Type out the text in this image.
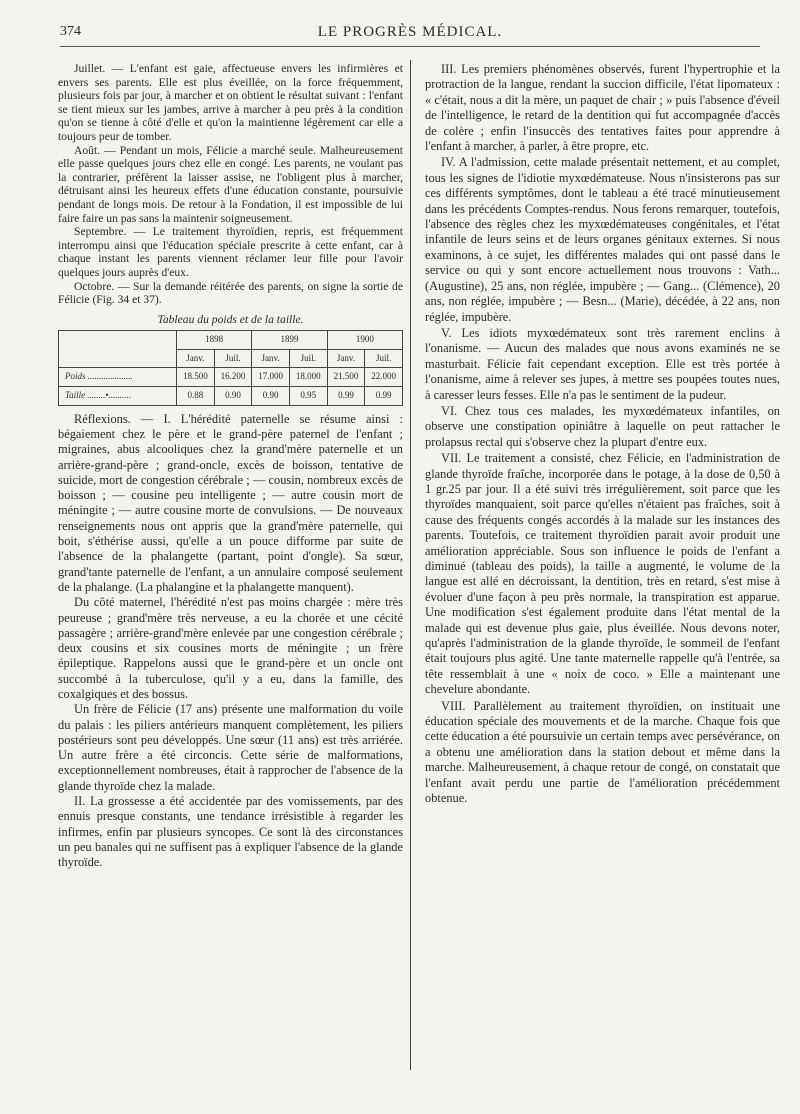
374	LE PROGRÈS MÉDICAL.

Juillet. — L'enfant est gaie, affectueuse envers les infirmières et envers ses parents. Elle est plus éveillée, on la force fréquemment, plusieurs fois par jour, à marcher et on obtient le résultat suivant : l'enfant se tient mieux sur les jambes, arrive à marcher à peu près à la condition qu'on se tienne à côté d'elle et qu'on la maintienne légèrement car elle a toujours peur de tomber.

Août. — Pendant un mois, Félicie a marché seule. Malheureusement elle passe quelques jours chez elle en congé. Les parents, ne voulant pas la contrarier, préfèrent la laisser assise, ne l'obligent plus à marcher, détruisant ainsi les heureux effets d'une éducation constante, poursuivie pendant de longs mois. De retour à la Fondation, il est impossible de lui faire faire un pas sans la maintenir soigneusement.

Septembre. — Le traitement thyroïdien, repris, est fréquemment interrompu ainsi que l'éducation spéciale prescrite à cette enfant, car à chaque instant les parents viennent réclamer leur fille pour l'avoir quelques jours auprès d'eux.

Octobre. — Sur la demande réitérée des parents, on signe la sortie de Félicie (Fig. 34 et 37).

Tableau du poids et de la taille.
	1898		1899		1900	
	Janv.	Juil.	Janv.	Juil.	Janv.	Juil.
Poids ....................	18.500	16.200	17.000	18.000	21.500	22.000
Taille ........•..........	0.88	0.90	0.90	0.95	0.99	0.99

Réflexions. — I. L'hérédité paternelle se résume ainsi : bégaiement chez le père et le grand-père paternel de l'enfant ; migraines, abus alcooliques chez la grand'mère paternelle et un arrière-grand-père ; grand-oncle, excès de boisson, tentative de suicide, mort de congestion cérébrale ; — cousin, nombreux excès de boisson ; — cousine peu intelligente ; — autre cousin mort de méningite ; — autre cousine morte de convulsions. — De nouveaux renseignements nous ont appris que la grand'mère paternelle, qui boit, s'éthérise aussi, qu'elle a un pouce difforme par suite de l'absence de la phalangette (partant, point d'ongle). Sa sœur, grand'tante paternelle de l'enfant, a un annulaire composé seulement de la phalange. (La phalangine et la phalangette manquent).

Du côté maternel, l'hérédité n'est pas moins chargée : mère très peureuse ; grand'mère très nerveuse, a eu la chorée et une cécité passagère ; arrière-grand'mère enlevée par une congestion cérébrale ; deux cousins et six cousines morts de méningite ; un frère épileptique. Rappelons aussi que le grand-père et un oncle ont succombé à la tuberculose, qu'il y a eu, dans la famille, des coxalgiques et des bossus.

Un frère de Félicie (17 ans) présente une malformation du voile du palais : les piliers antérieurs manquent complètement, les piliers postérieurs sont peu développés. Une sœur (11 ans) est très arriérée. Un autre frère a été circoncis. Cette série de malformations, exceptionnellement nombreuses, était à rapprocher de l'absence de la glande thyroïde chez la malade.

II. La grossesse a été accidentée par des vomissements, par des ennuis presque constants, une tendance irrésistible à regarder les infirmes, enfin par plusieurs syncopes. Ce sont là des circonstances un peu banales qui ne suffisent pas à expliquer l'absence de la glande thyroïde.

III. Les premiers phénomènes observés, furent l'hypertrophie et la protraction de la langue, rendant la succion difficile, l'état lipomateux : « c'était, nous a dit la mère, un paquet de chair ; » puis l'absence d'éveil de l'intelligence, le retard de la dentition qui fut accompagnée d'accès de colère ; enfin l'insuccès des tentatives faites pour apprendre à l'enfant à marcher, à parler, à être propre, etc.

IV. A l'admission, cette malade présentait nettement, et au complet, tous les signes de l'idiotie myxœdémateuse. Nous n'insisterons pas sur ces différents symptômes, dont le tableau a été tracé minutieusement dans les précédents Comptes-rendus. Nous ferons remarquer, toutefois, l'absence des règles chez les myxœdémateuses congénitales, et l'état infantile de leurs seins et de leurs organes génitaux externes. Si nous examinons, à ce sujet, les différentes malades qui ont passé dans le service ou qui y sont encore actuellement nous trouvons : Vath... (Augustine), 25 ans, non réglée, impubère ; — Gang... (Clémence), 20 ans, non réglée, impubère ; — Besn... (Marie), décédée, à 22 ans, non réglée, impubère.

V. Les idiots myxœdémateux sont très rarement enclins à l'onanisme. — Aucun des malades que nous avons examinés ne se masturbait. Félicie fait cependant exception. Elle est très portée à l'onanisme, aime à relever ses jupes, à mettre ses poupées toutes nues, à caresser leurs fesses. Elle n'a pas le sentiment de la pudeur.

VI. Chez tous ces malades, les myxœdémateux infantiles, on observe une constipation opiniâtre à laquelle on peut rattacher le prolapsus rectal qui s'observe chez la plupart d'entre eux.

VII. Le traitement a consisté, chez Félicie, en l'administration de glande thyroïde fraîche, incorporée dans le potage, à la dose de 0,50 à 1 gr.25 par jour. Il a été suivi très irrégulièrement, soit parce que les thyroïdes manquaient, soit parce qu'elles n'étaient pas fraîches, soit à cause des fréquents congés accordés à la malade sur les instances des parents. Toutefois, ce traitement thyroïdien parait avoir produit une amélioration appréciable. Sous son influence le poids de l'enfant a diminué (tableau des poids), la taille a augmenté, le volume de la langue est allé en décroissant, la dentition, très en retard, s'est mise à évoluer d'une façon à peu près normale, la transpiration est apparue. Une modification s'est également produite dans l'état mental de la malade qui est devenue plus gaie, plus éveillée. Nous devons noter, qu'après l'administration de la glande thyroïde, le sommeil de l'enfant était toujours plus agité. Une tante maternelle rappelle qu'à l'entrée, sa tête ressemblait à une « noix de coco. » Elle a maintenant une chevelure abondante.

VIII. Parallèlement au traitement thyroïdien, on instituait une éducation spéciale des mouvements et de la marche. Chaque fois que cette éducation a été poursuivie un certain temps avec persévérance, on a obtenu une amélioration dans la station debout et même dans la marche. Malheureusement, à chaque retour de congé, on constatait que l'enfant avait perdu une partie de l'amélioration précédemment obtenue.
